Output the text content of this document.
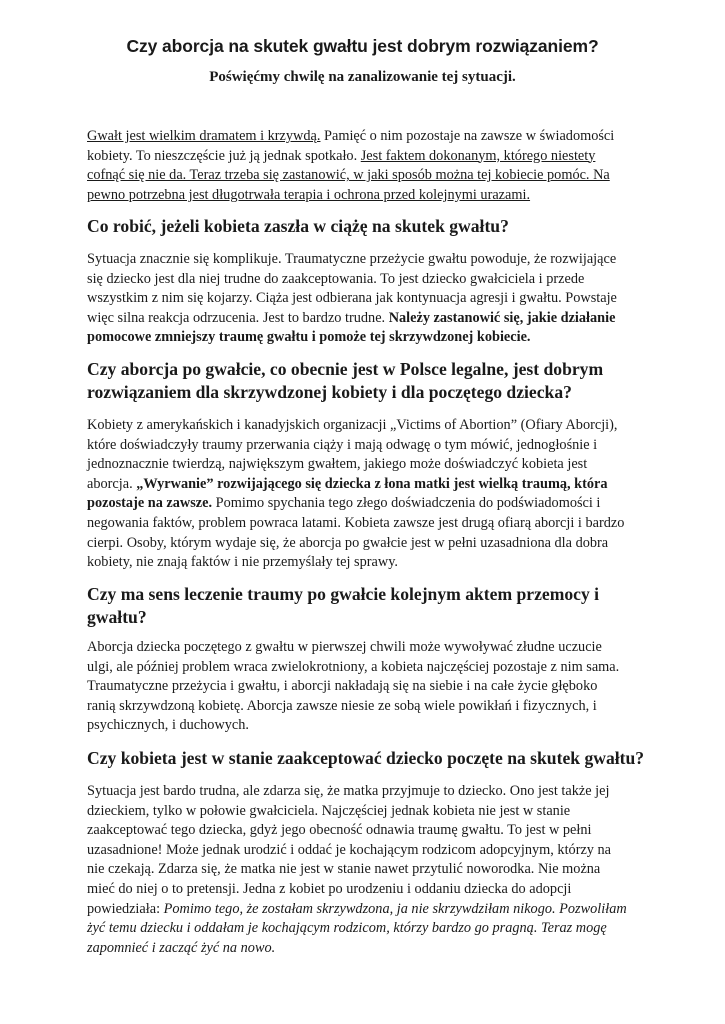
Czy aborcja na skutek gwałtu jest dobrym rozwiązaniem?
Poświęćmy chwilę na zanalizowanie tej sytuacji.

Gwałt jest wielkim dramatem i krzywdą. Pamięć o nim pozostaje na zawsze w świadomości
kobiety. To nieszczęście już ją jednak spotkało. Jest faktem dokonanym, którego niestety
cofnąć się nie da. Teraz trzeba się zastanowić, w jaki sposób można tej kobiecie pomóc. Na
pewno potrzebna jest długotrwała terapia i ochrona przed kolejnymi urazami.

Co robić, jeżeli kobieta zaszła w ciążę na skutek gwałtu?

Sytuacja znacznie się komplikuje. Traumatyczne przeżycie gwałtu powoduje, że rozwijające
się dziecko jest dla niej trudne do zaakceptowania. To jest dziecko gwałciciela i przede
wszystkim z nim się kojarzy. Ciąża jest odbierana jak kontynuacja agresji i gwałtu. Powstaje
więc silna reakcja odrzucenia. Jest to bardzo trudne. Należy zastanowić się, jakie działanie
pomocowe zmniejszy traumę gwałtu i pomoże tej skrzywdzonej kobiecie.

Czy aborcja po gwałcie, co obecnie jest w Polsce legalne, jest dobrym
rozwiązaniem dla skrzywdzonej kobiety i dla poczętego dziecka?

Kobiety z amerykańskich i kanadyjskich organizacji „Victims of Abortion” (Ofiary Aborcji),
które doświadczyły traumy przerwania ciąży i mają odwagę o tym mówić, jednogłośnie i
jednoznacznie twierdzą, największym gwałtem, jakiego może doświadczyć kobieta jest
aborcja. „Wyrwanie” rozwijającego się dziecka z łona matki jest wielką traumą, która
pozostaje na zawsze. Pomimo spychania tego złego doświadczenia do podświadomości i
negowania faktów, problem powraca latami. Kobieta zawsze jest drugą ofiarą aborcji i bardzo
cierpi. Osoby, którym wydaje się, że aborcja po gwałcie jest w pełni uzasadniona dla dobra
kobiety, nie znają faktów i nie przemyślały tej sprawy.

Czy ma sens leczenie traumy po gwałcie kolejnym aktem przemocy i
gwałtu?

Aborcja dziecka poczętego z gwałtu w pierwszej chwili może wywoływać złudne uczucie
ulgi, ale później problem wraca zwielokrotniony, a kobieta najczęściej pozostaje z nim sama.
Traumatyczne przeżycia i gwałtu, i aborcji nakładają się na siebie i na całe życie głęboko
ranią skrzywdzoną kobietę. Aborcja zawsze niesie ze sobą wiele powikłań i fizycznych, i
psychicznych, i duchowych.

Czy kobieta jest w stanie zaakceptować dziecko poczęte na skutek gwałtu?

Sytuacja jest bardo trudna, ale zdarza się, że matka przyjmuje to dziecko. Ono jest także jej
dzieckiem, tylko w połowie gwałciciela. Najczęściej jednak kobieta nie jest w stanie
zaakceptować tego dziecka, gdyż jego obecność odnawia traumę gwałtu. To jest w pełni
uzasadnione! Może jednak urodzić i oddać je kochającym rodzicom adopcyjnym, którzy na
nie czekają. Zdarza się, że matka nie jest w stanie nawet przytulić noworodka. Nie można
mieć do niej o to pretensji. Jedna z kobiet po urodzeniu i oddaniu dziecka do adopcji
powiedziała: Pomimo tego, że zostałam skrzywdzona, ja nie skrzywdziłam nikogo. Pozwoliłam
żyć temu dziecku i oddałam je kochającym rodzicom, którzy bardzo go pragną. Teraz mogę
zapomnieć i zacząć żyć na nowo.
